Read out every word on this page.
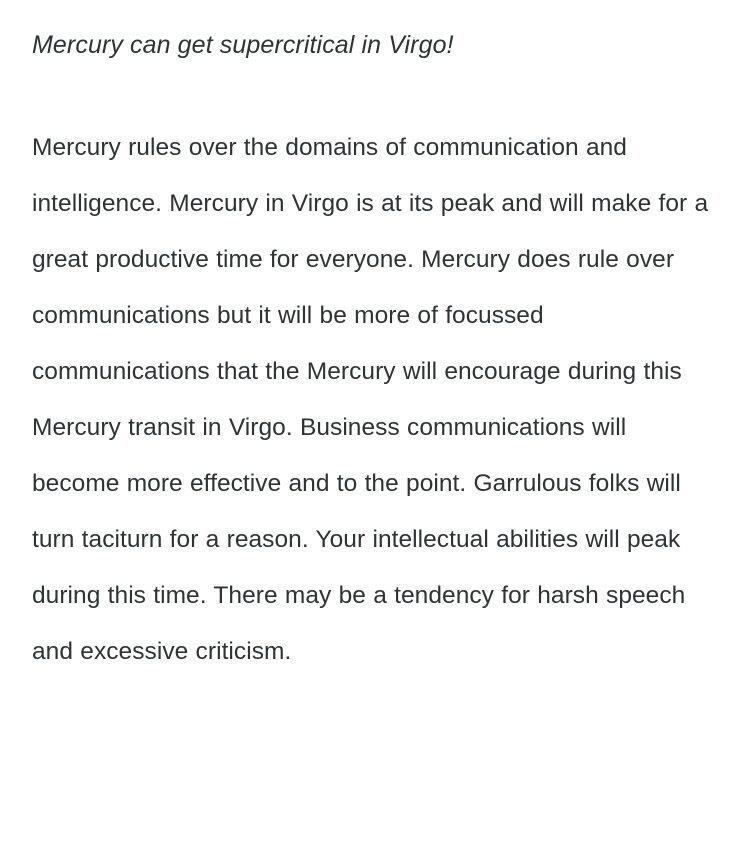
Mercury can get supercritical in Virgo!

Mercury rules over the domains of communication and intelligence. Mercury in Virgo is at its peak and will make for a great productive time for everyone. Mercury does rule over communications but it will be more of focussed communications that the Mercury will encourage during this Mercury transit in Virgo. Business communications will become more effective and to the point. Garrulous folks will turn taciturn for a reason. Your intellectual abilities will peak during this time. There may be a tendency for harsh speech and excessive criticism.
